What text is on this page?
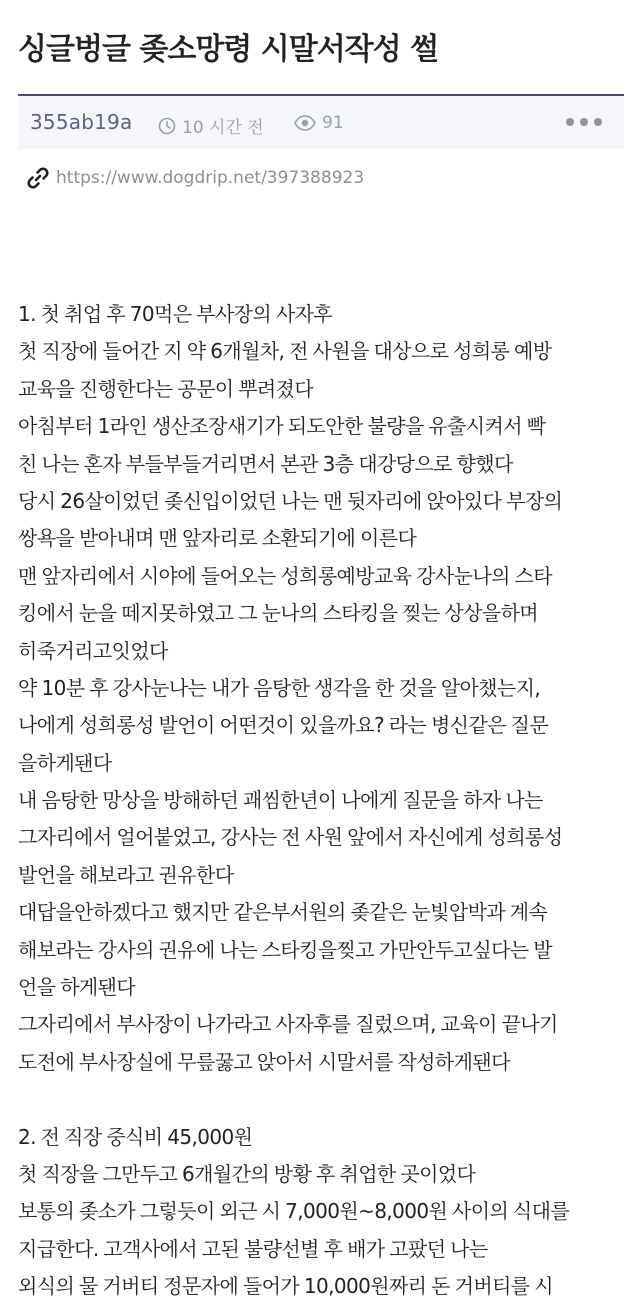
싱글벙글 좆소망령 시말서작성 썰
355ab19a	10 시간 전	91
https://www.dogdrip.net/397388923
1. 첫 취업 후 70먹은 부사장의 사자후
첫 직장에 들어간 지 약 6개월차, 전 사원을 대상으로 성희롱 예방
교육을 진행한다는 공문이 뿌려졌다
아침부터 1라인 생산조장새기가 되도안한 불량을 유출시켜서 빡
친 나는 혼자 부들부들거리면서 본관 3층 대강당으로 향했다
당시 26살이었던 좆신입이었던 나는 맨 뒷자리에 앉아있다 부장의
쌍욕을 받아내며 맨 앞자리로 소환되기에 이른다
맨 앞자리에서 시야에 들어오는 성희롱예방교육 강사눈나의 스타
킹에서 눈을 떼지못하였고 그 눈나의 스타킹을 찢는 상상을하며
히죽거리고잇었다
약 10분 후 강사눈나는 내가 음탕한 생각을 한 것을 알아챘는지,
나에게 성희롱성 발언이 어떤것이 있을까요? 라는 병신같은 질문
을하게됀다
내 음탕한 망상을 방해하던 괘씸한년이 나에게 질문을 하자 나는
그자리에서 얼어붙었고, 강사는 전 사원 앞에서 자신에게 성희롱성
발언을 해보라고 권유한다
대답을안하겠다고 했지만 같은부서원의 좆같은 눈빛압박과 계속
해보라는 강사의 권유에 나는 스타킹을찢고 가만안두고싶다는 발
언을 하게됀다
그자리에서 부사장이 나가라고 사자후를 질렀으며, 교육이 끝나기
도전에 부사장실에 무릎꿇고 앉아서 시말서를 작성하게됀다
2. 전 직장 중식비 45,000원
첫 직장을 그만두고 6개월간의 방황 후 취업한 곳이었다
보통의 좆소가 그렇듯이 외근 시 7,000원~8,000원 사이의 식대를
지급한다. 고객사에서 고된 불량선별 후 배가 고팠던 나는
외식의 물 거버티 정문자에 들어가 10,000원짜리 돈 거버티를 시
